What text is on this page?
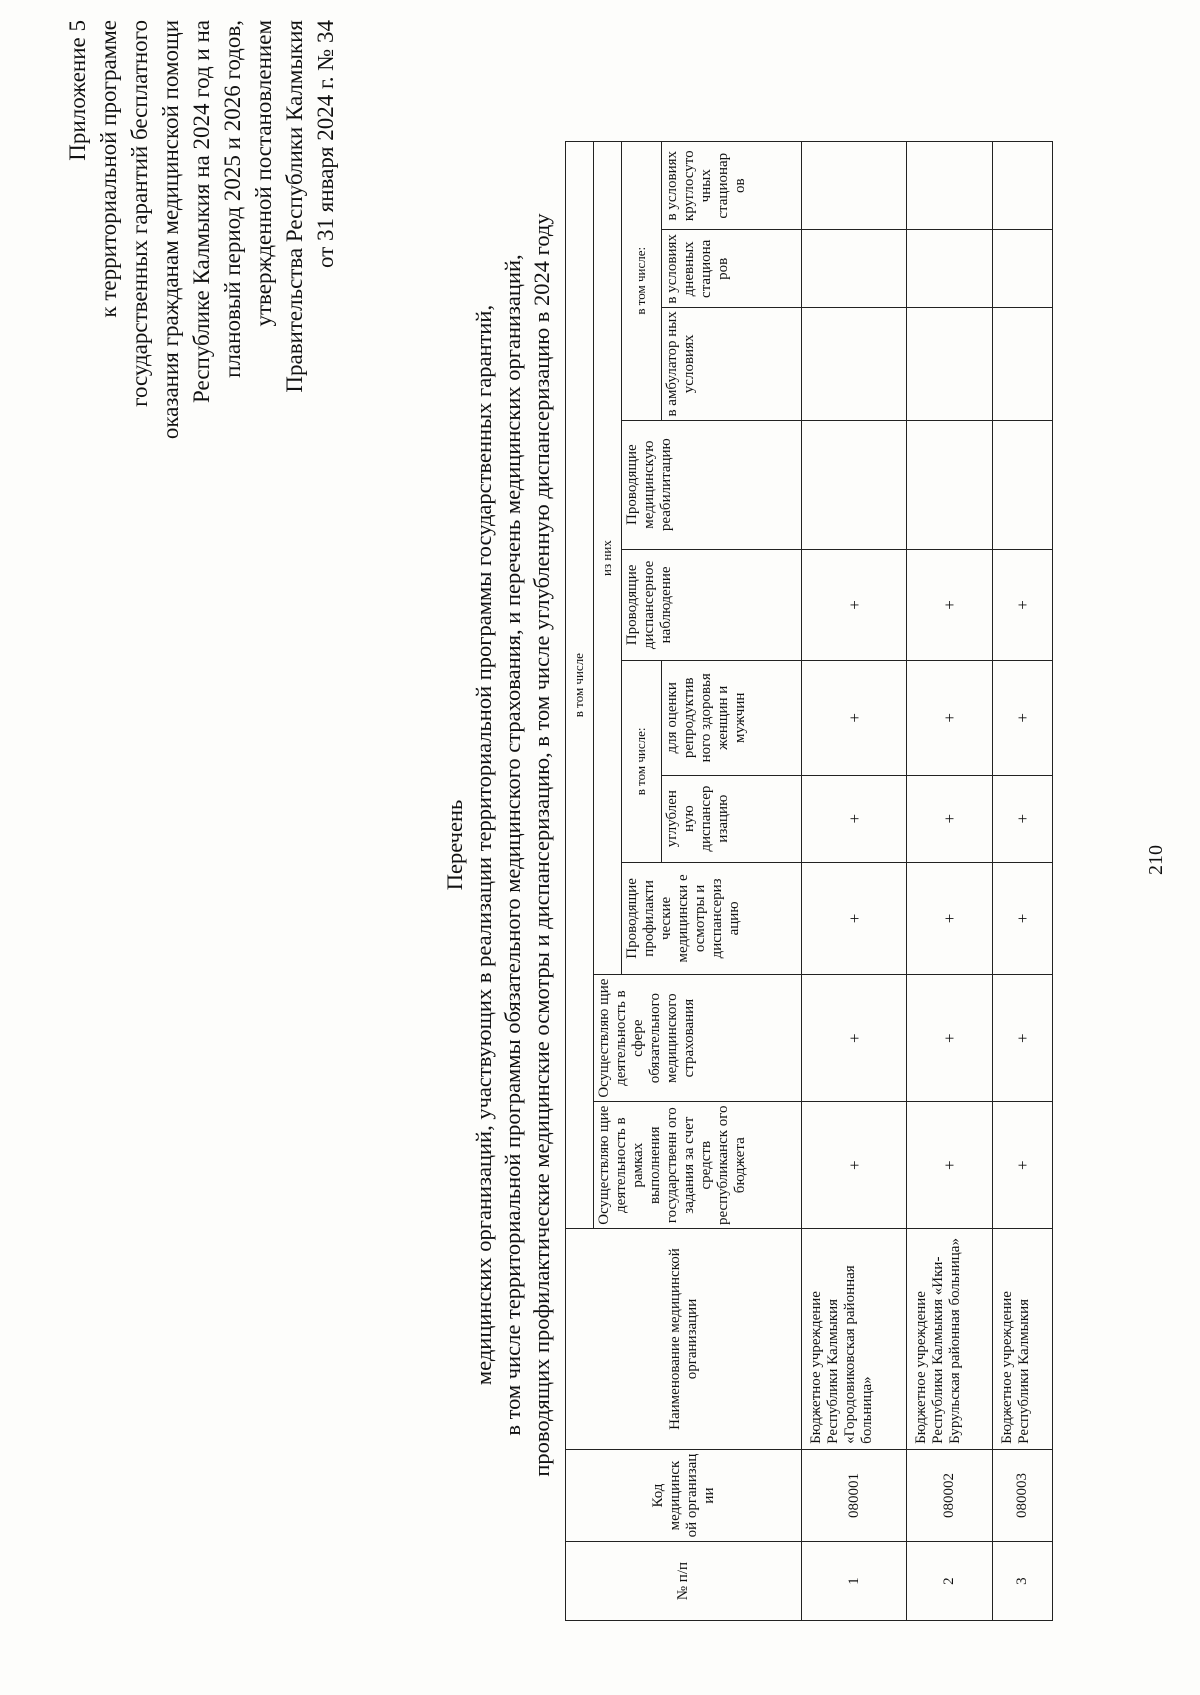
Приложение 5 к территориальной программе государственных гарантий бесплатного оказания гражданам медицинской помощи Республике Калмыкия на 2024 год и на плановый период 2025 и 2026 годов, утвержденной постановлением Правительства Республики Калмыкия от 31 января 2024 г. № 34
Перечень медицинских организаций, участвующих в реализации территориальной программы государственных гарантий, в том числе территориальной программы обязательного медицинского страхования, и перечень медицинских организаций, проводящих профилактические медицинские осмотры и диспансеризацию, в том числе углубленную диспансеризацию в 2024 году
№ п/п	Код медицинск ой организац ии	Наименование медицинской организации	в том числе									
			Осуществляю щие деятельность в рамках выполнения государственн ого задания за счет средств республиканск ого бюджета	Осуществляю щие деятельность в сфере обязательного медицинского страхования	из них							
					Проводящие профилакти ческие медицински е осмотры и диспансериз ацию	в том числе:		Проводящие диспансерное наблюдение	Проводящие медицинскую реабилитацию	в том числе:		
						углублен ную диспансер изацию	для оценки репродуктив ного здоровья женщин и мужчин			в амбулатор ных условиях	в условиях дневных стациона ров	в условиях круглосуто чных стационар ов
1	080001	Бюджетное учреждение Республики Калмыкия «Городовиковская районная больница»	+	+	+	+	+	+				
2	080002	Бюджетное учреждение Республики Калмыкия «Ики-Бурульская районная больница»	+	+	+	+	+	+				
3	080003	Бюджетное учреждение Республики Калмыкия	+	+	+	+	+	+				
210
